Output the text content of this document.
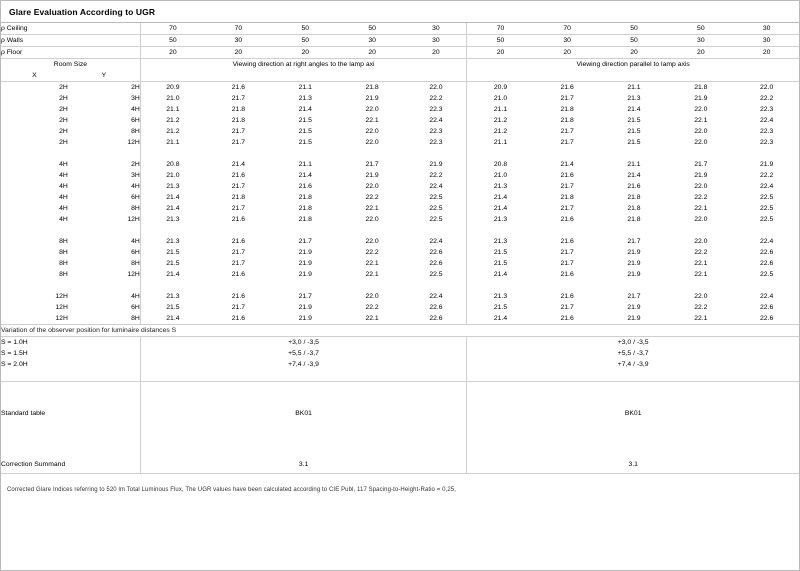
Glare Evaluation According to UGR
ρ Ceiling		70	70	50	50	30	70	70	50	50	30
ρ Walls		50	30	50	30	30	50	30	50	30	30
ρ Floor		20	20	20	20	20	20	20	20	20	20
Room Size		Viewing direction at right angles to the lamp axi					Viewing direction parallel to lamp axis				
X	Y										
2H	2H	20.9	21.6	21.1	21.8	22.0	20.9	21.6	21.1	21.8	22.0
2H	3H	21.0	21.7	21.3	21.9	22.2	21.0	21.7	21.3	21.9	22.2
2H	4H	21.1	21.8	21.4	22.0	22.3	21.1	21.8	21.4	22.0	22.3
2H	6H	21.2	21.8	21.5	22.1	22.4	21.2	21.8	21.5	22.1	22.4
2H	8H	21.2	21.7	21.5	22.0	22.3	21.2	21.7	21.5	22.0	22.3
2H	12H	21.1	21.7	21.5	22.0	22.3	21.1	21.7	21.5	22.0	22.3

4H	2H	20.8	21.4	21.1	21.7	21.9	20.8	21.4	21.1	21.7	21.9
4H	3H	21.0	21.6	21.4	21.9	22.2	21.0	21.6	21.4	21.9	22.2
4H	4H	21.3	21.7	21.6	22.0	22.4	21.3	21.7	21.6	22.0	22.4
4H	6H	21.4	21.8	21.8	22.2	22.5	21.4	21.8	21.8	22.2	22.5
4H	8H	21.4	21.7	21.8	22.1	22.5	21.4	21.7	21.8	22.1	22.5
4H	12H	21.3	21.6	21.8	22.0	22.5	21.3	21.6	21.8	22.0	22.5

8H	4H	21.3	21.6	21.7	22.0	22.4	21.3	21.6	21.7	22.0	22.4
8H	6H	21.5	21.7	21.9	22.2	22.6	21.5	21.7	21.9	22.2	22.6
8H	8H	21.5	21.7	21.9	22.1	22.6	21.5	21.7	21.9	22.1	22.6
8H	12H	21.4	21.6	21.9	22.1	22.5	21.4	21.6	21.9	22.1	22.5

12H	4H	21.3	21.6	21.7	22.0	22.4	21.3	21.6	21.7	22.0	22.4
12H	6H	21.5	21.7	21.9	22.2	22.6	21.5	21.7	21.9	22.2	22.6
12H	8H	21.4	21.6	21.9	22.1	22.6	21.4	21.6	21.9	22.1	22.6
Variation of the observer position for luminaire distances S											
S = 1.0H		+3,0 / -3,5					+3,0 / -3,5				
S = 1.5H		+5,5 / -3,7					+5,5 / -3,7				
S = 2.0H		+7,4 / -3,9					+7,4 / -3,9				

Standard table		BK01					BK01				

Correction Summand		3.1					3.1				
Corrected Glare Indices referring to 520 lm Total Luminous Flux, The UGR values have been calculated according to CIE Publ, 117 Spacing-to-Height-Ratio = 0,25,
